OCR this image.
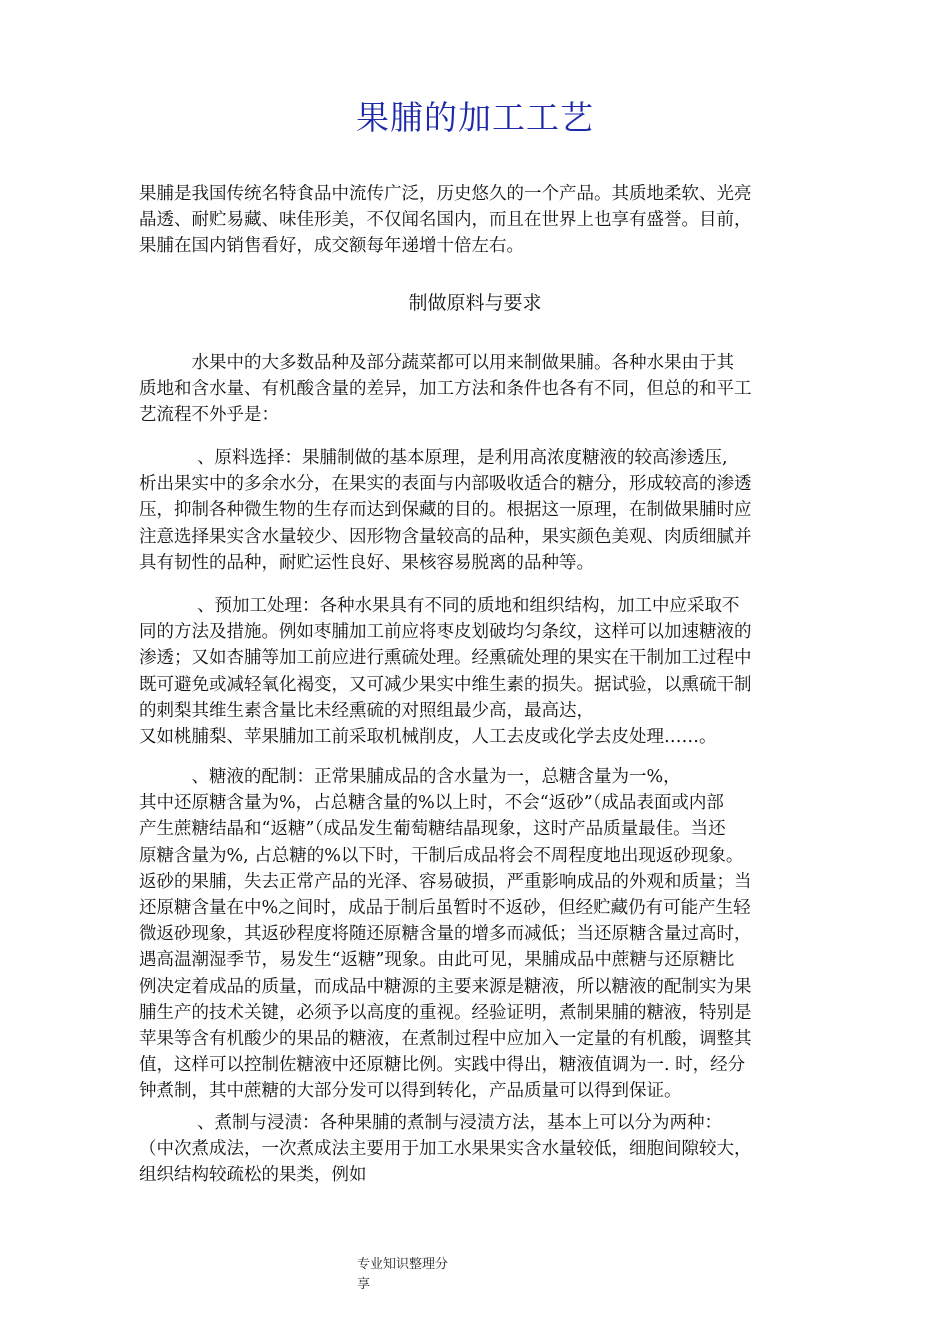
果脯的加工工艺

果脯是我国传统名特食品中流传广泛，历史悠久的一个产品。其质地柔软、光亮
晶透、耐贮易藏、味佳形美，不仅闻名国内，而且在世界上也享有盛誉。目前，
果脯在国内销售看好，成交额每年递增十倍左右。

制做原料与要求

　　　水果中的大多数品种及部分蔬菜都可以用来制做果脯。各种水果由于其
质地和含水量、有机酸含量的差异，加工方法和条件也各有不同，但总的和平工
艺流程不外乎是：

　　　 、原料选择：果脯制做的基本原理，是利用高浓度糖液的较高渗透压,
析出果实中的多余水分，在果实的表面与内部吸收适合的糖分，形成较高的渗透
压，抑制各种微生物的生存而达到保藏的目的。根据这一原理，在制做果脯时应
注意选择果实含水量较少、因形物含量较高的品种，果实颜色美观、肉质细腻并
具有韧性的品种，耐贮运性良好、果核容易脱离的品种等。

　　　 、预加工处理：各种水果具有不同的质地和组织结构，加工中应采取不
同的方法及措施。例如枣脯加工前应将枣皮划破均匀条纹，这样可以加速糖液的
渗透；又如杏脯等加工前应进行熏硫处理。经熏硫处理的果实在干制加工过程中
既可避免或减轻氧化褐变，又可减少果实中维生素的损失。据试验，以熏硫干制
的刺梨其维生素含量比未经熏硫的对照组最少高，最高达，
又如桃脯梨、苹果脯加工前采取机械削皮，人工去皮或化学去皮处理……。

　　　、糖液的配制：正常果脯成品的含水量为一，总糖含量为一%，
其中还原糖含量为%，占总糖含量的%以上时，不会“返砂”（成品表面或内部
产生蔗糖结晶和“返糖”（成品发生葡萄糖结晶现象，这时产品质量最佳。当还
原糖含量为%, 占总糖的%以下时，干制后成品将会不周程度地出现返砂现象。
返砂的果脯，失去正常产品的光泽、容易破损，严重影响成品的外观和质量；当
还原糖含量在中%之间时，成品于制后虽暂时不返砂，但经贮藏仍有可能产生轻
微返砂现象，其返砂程度将随还原糖含量的增多而减低；当还原糖含量过高时，
遇高温潮湿季节，易发生“返糖”现象。由此可见，果脯成品中蔗糖与还原糖比
例决定着成品的质量，而成品中糖源的主要来源是糖液，所以糖液的配制实为果
脯生产的技术关键，必须予以高度的重视。经验证明，煮制果脯的糖液，特别是
苹果等含有机酸少的果品的糖液，在煮制过程中应加入一定量的有机酸，调整其
值，这样可以控制佐糖液中还原糖比例。实践中得出，糖液值调为一. 时，经分
钟煮制，其中蔗糖的大部分发可以得到转化，产品质量可以得到保证。

　　　 、煮制与浸渍：各种果脯的煮制与浸渍方法，基本上可以分为两种：
（中次煮成法，一次煮成法主要用于加工水果果实含水量较低，细胞间隙较大，
组织结构较疏松的果类，例如

专业知识整理分
享
